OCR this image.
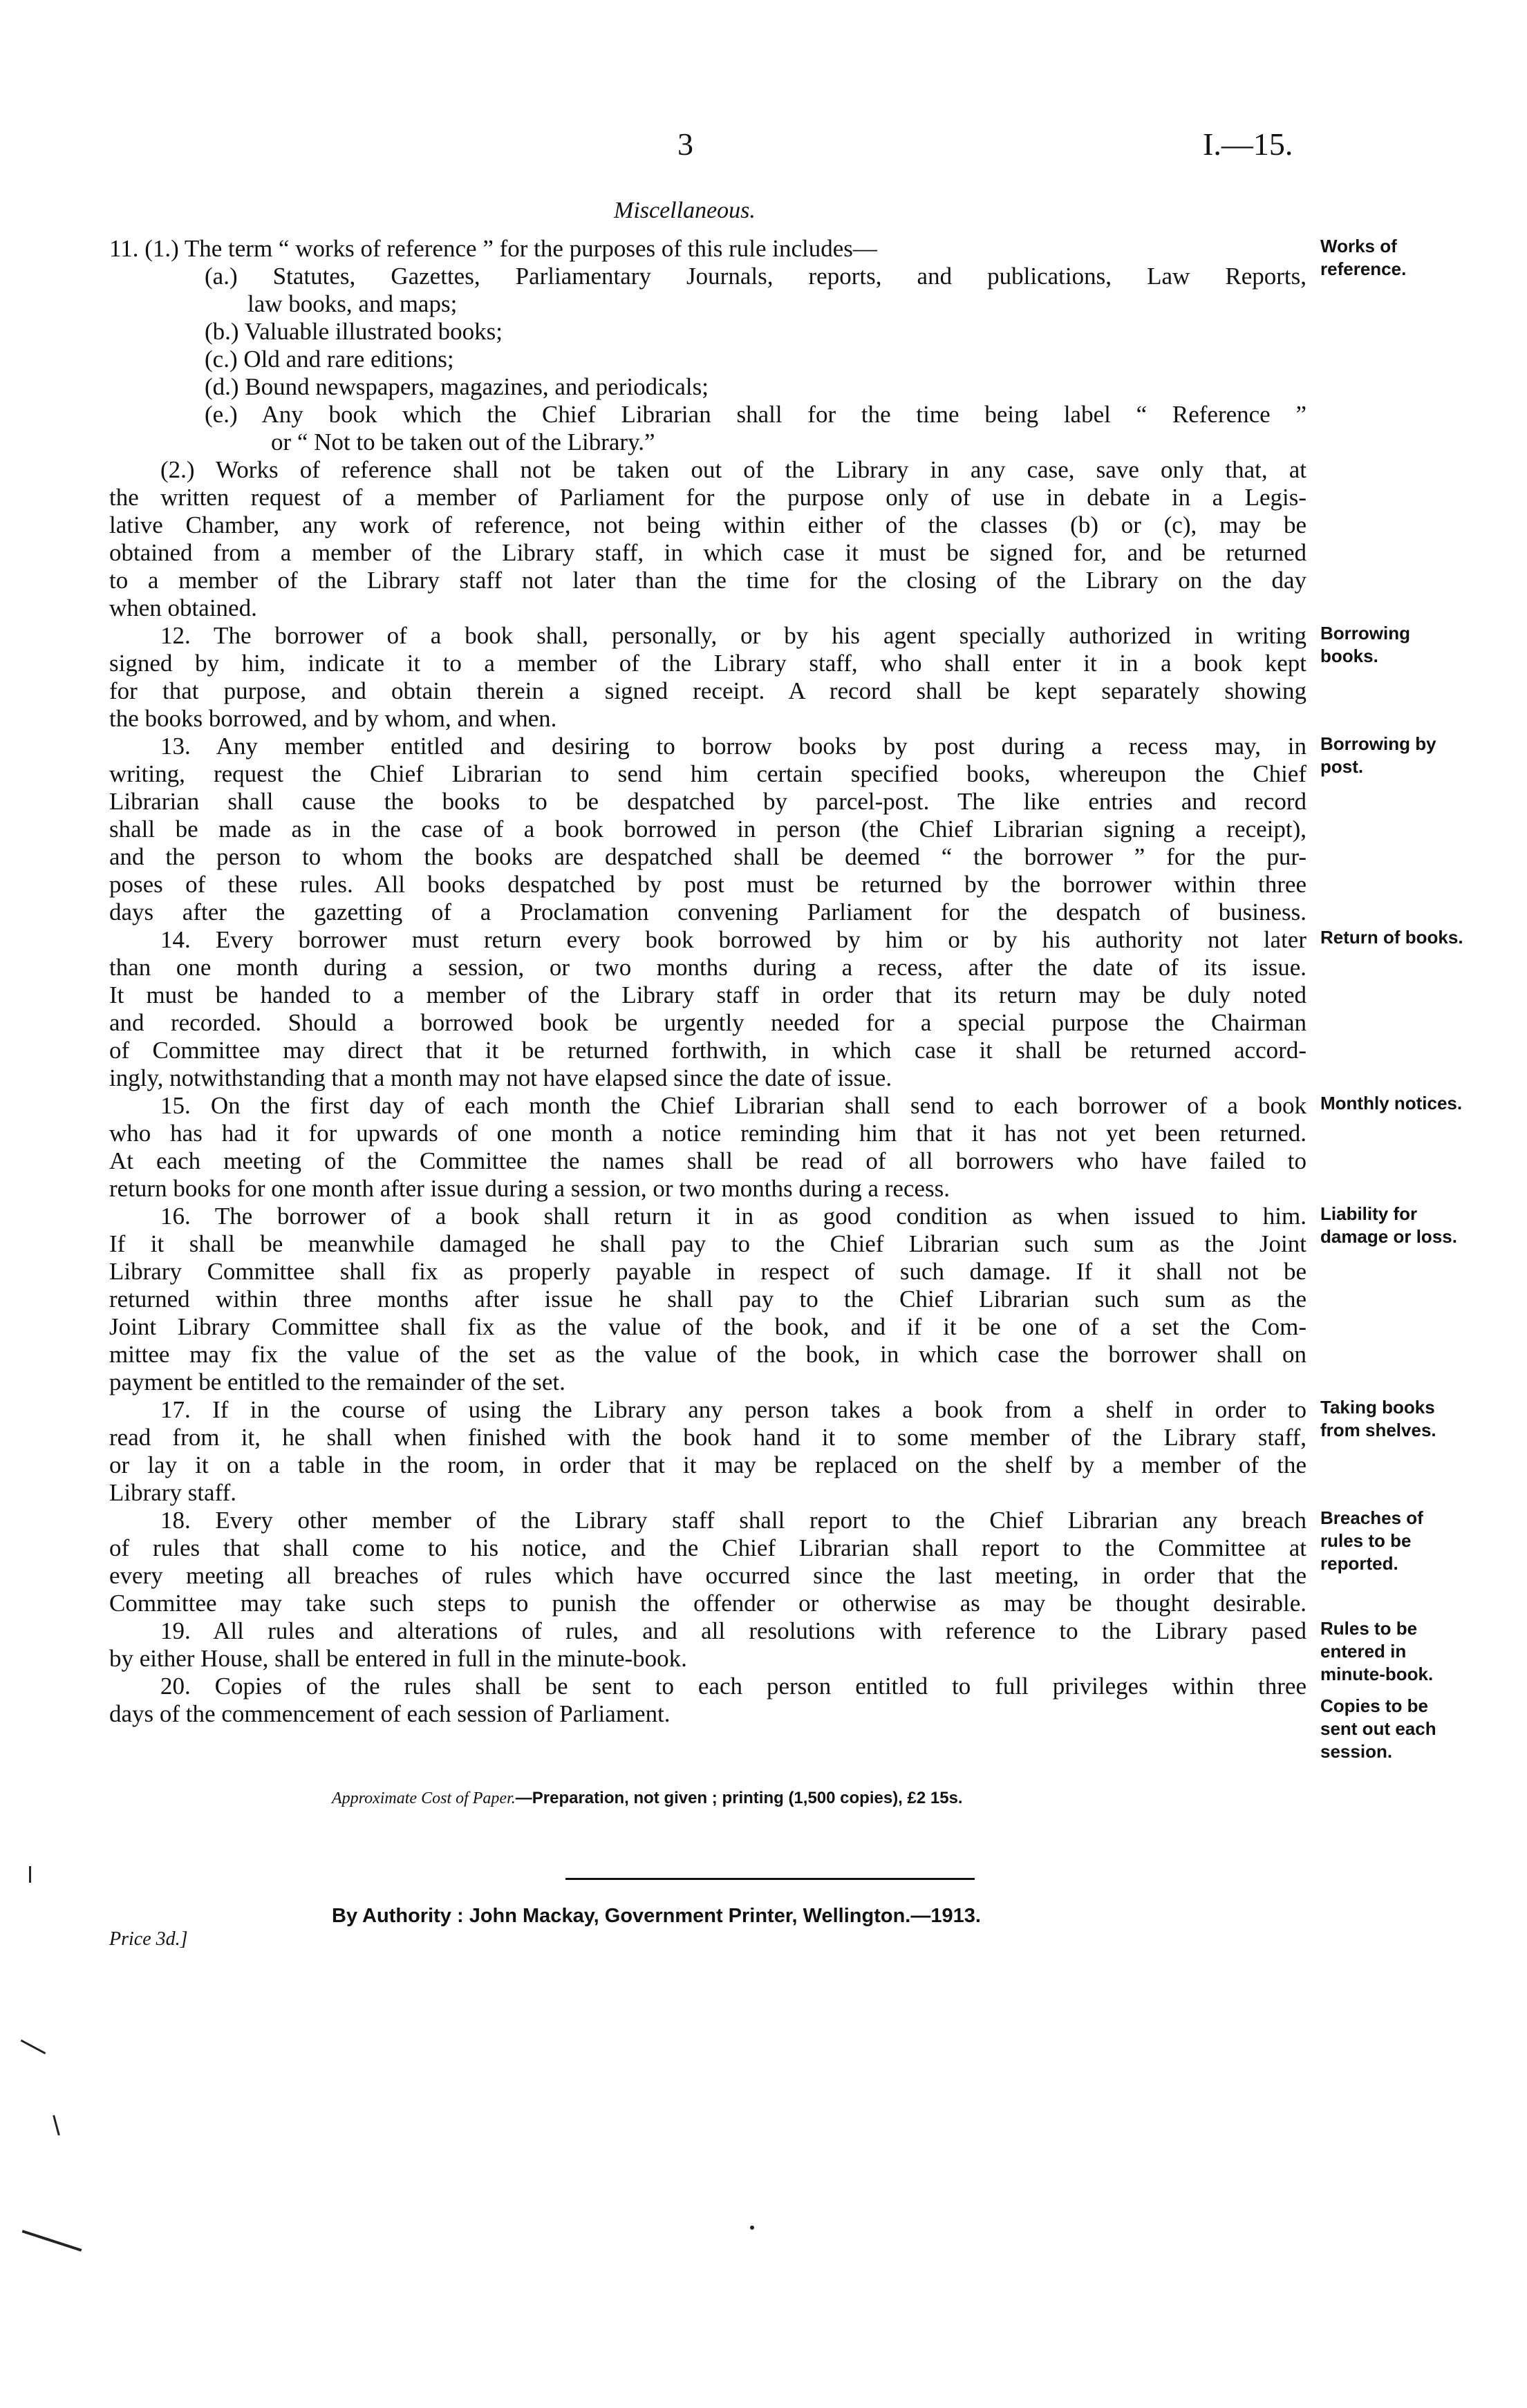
3	I.—15.
Miscellaneous.
11. (1.) The term “ works of reference ” for the purposes of this rule includes—
(a.) Statutes, Gazettes, Parliamentary Journals, reports, and publications, Law Reports,
law books, and maps;
(b.) Valuable illustrated books;
(c.) Old and rare editions;
(d.) Bound newspapers, magazines, and periodicals;
(e.) Any book which the Chief Librarian shall for the time being label “ Reference ”
or “ Not to be taken out of the Library.”
(2.) Works of reference shall not be taken out of the Library in any case, save only that, at
the written request of a member of Parliament for the purpose only of use in debate in a Legis-
lative Chamber, any work of reference, not being within either of the classes (b) or (c), may be
obtained from a member of the Library staff, in which case it must be signed for, and be returned
to a member of the Library staff not later than the time for the closing of the Library on the day
when obtained.
12. The borrower of a book shall, personally, or by his agent specially authorized in writing
signed by him, indicate it to a member of the Library staff, who shall enter it in a book kept
for that purpose, and obtain therein a signed receipt. A record shall be kept separately showing
the books borrowed, and by whom, and when.
13. Any member entitled and desiring to borrow books by post during a recess may, in
writing, request the Chief Librarian to send him certain specified books, whereupon the Chief
Librarian shall cause the books to be despatched by parcel-post. The like entries and record
shall be made as in the case of a book borrowed in person (the Chief Librarian signing a receipt),
and the person to whom the books are despatched shall be deemed “ the borrower ” for the pur-
poses of these rules. All books despatched by post must be returned by the borrower within three
days after the gazetting of a Proclamation convening Parliament for the despatch of business.
14. Every borrower must return every book borrowed by him or by his authority not later
than one month during a session, or two months during a recess, after the date of its issue.
It must be handed to a member of the Library staff in order that its return may be duly noted
and recorded. Should a borrowed book be urgently needed for a special purpose the Chairman
of Committee may direct that it be returned forthwith, in which case it shall be returned accord-
ingly, notwithstanding that a month may not have elapsed since the date of issue.
15. On the first day of each month the Chief Librarian shall send to each borrower of a book
who has had it for upwards of one month a notice reminding him that it has not yet been returned.
At each meeting of the Committee the names shall be read of all borrowers who have failed to
return books for one month after issue during a session, or two months during a recess.
16. The borrower of a book shall return it in as good condition as when issued to him.
If it shall be meanwhile damaged he shall pay to the Chief Librarian such sum as the Joint
Library Committee shall fix as properly payable in respect of such damage. If it shall not be
returned within three months after issue he shall pay to the Chief Librarian such sum as the
Joint Library Committee shall fix as the value of the book, and if it be one of a set the Com-
mittee may fix the value of the set as the value of the book, in which case the borrower shall on
payment be entitled to the remainder of the set.
17. If in the course of using the Library any person takes a book from a shelf in order to
read from it, he shall when finished with the book hand it to some member of the Library staff,
or lay it on a table in the room, in order that it may be replaced on the shelf by a member of the
Library staff.
18. Every other member of the Library staff shall report to the Chief Librarian any breach
of rules that shall come to his notice, and the Chief Librarian shall report to the Committee at
every meeting all breaches of rules which have occurred since the last meeting, in order that the
Committee may take such steps to punish the offender or otherwise as may be thought desirable.
19. All rules and alterations of rules, and all resolutions with reference to the Library pased
by either House, shall be entered in full in the minute-book.
20. Copies of the rules shall be sent to each person entitled to full privileges within three
days of the commencement of each session of Parliament.
Works of
reference.
Borrowing
books.
Borrowing by
post.
Return of books.
Monthly notices.
Liability for
damage or loss.
Taking books
from shelves.
Breaches of
rules to be
reported.
Rules to be
entered in
minute-book.
Copies to be
sent out each
session.
Approximate Cost of Paper.—Preparation, not given ; printing (1,500 copies), £2 15s.
By Authority : John Mackay, Government Printer, Wellington.—1913.
Price 3d.]
